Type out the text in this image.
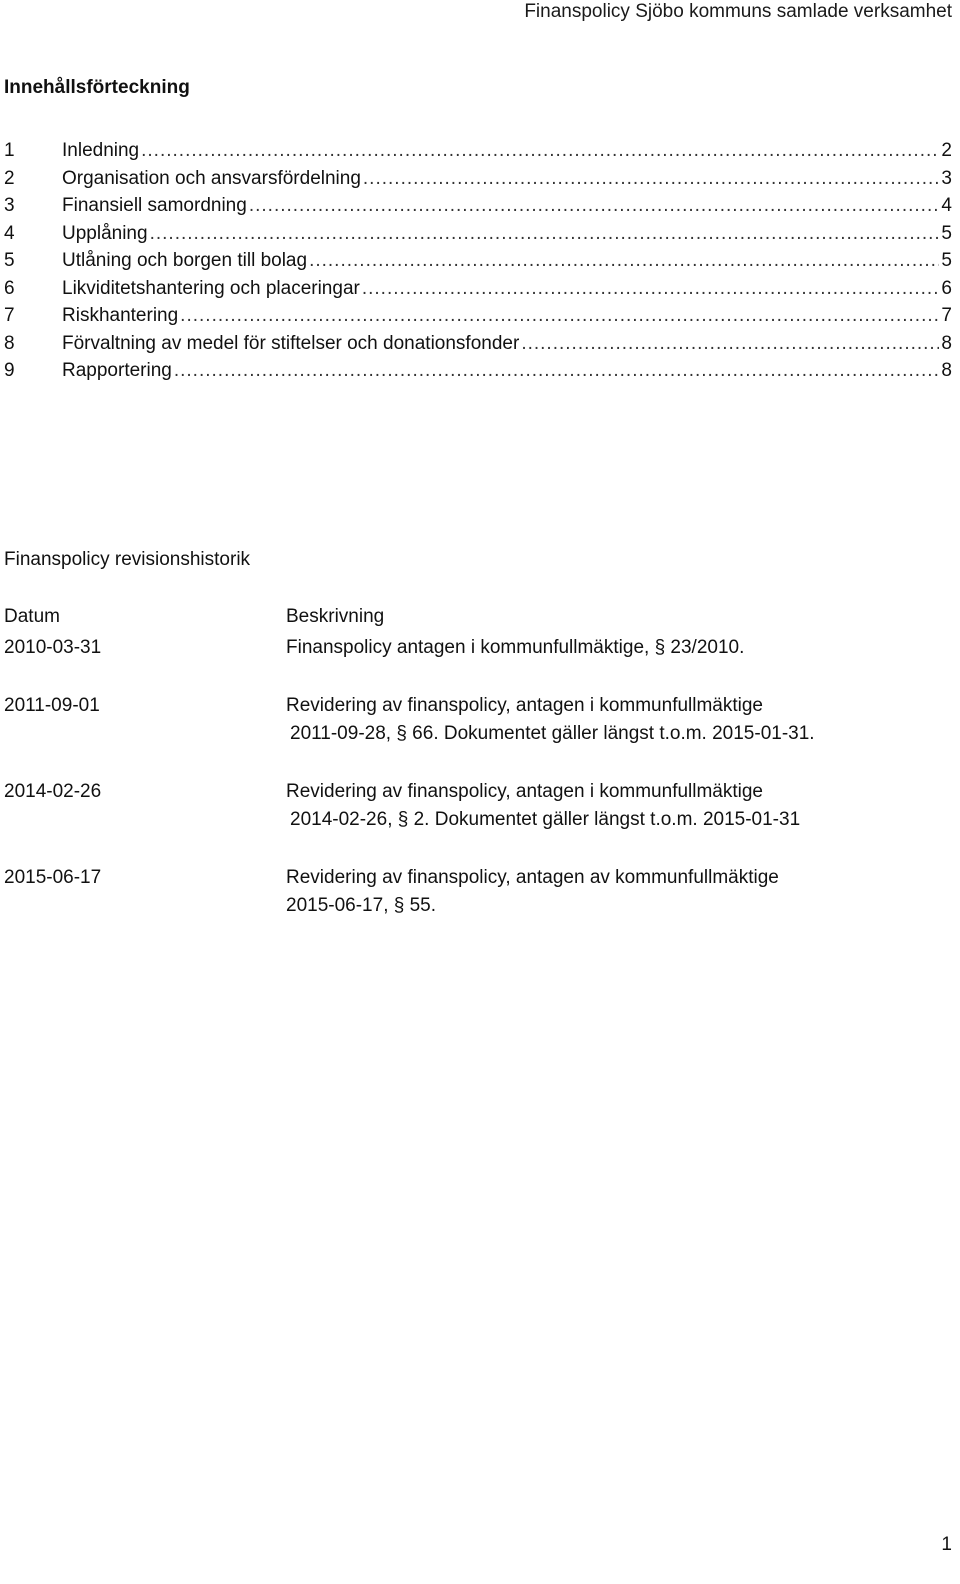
Finanspolicy Sjöbo kommuns samlade verksamhet
Innehållsförteckning
1	Inledning .....	2
2	Organisation och ansvarsfördelning .....	3
3	Finansiell samordning .....	4
4	Upplåning .....	5
5	Utlåning och borgen till bolag .....	5
6	Likviditetshantering och placeringar .....	6
7	Riskhantering .....	7
8	Förvaltning av medel för stiftelser och donationsfonder .....	8
9	Rapportering .....	8
Finanspolicy revisionshistorik
Datum	Beskrivning
2010-03-31	Finanspolicy antagen i kommunfullmäktige, § 23/2010.
2011-09-01	Revidering av finanspolicy, antagen i kommunfullmäktige
2011-09-28, § 66. Dokumentet gäller längst t.o.m. 2015-01-31.
2014-02-26	Revidering av finanspolicy, antagen i kommunfullmäktige
2014-02-26, § 2. Dokumentet gäller längst t.o.m. 2015-01-31
2015-06-17	Revidering av finanspolicy, antagen av kommunfullmäktige
2015-06-17, § 55.
1
